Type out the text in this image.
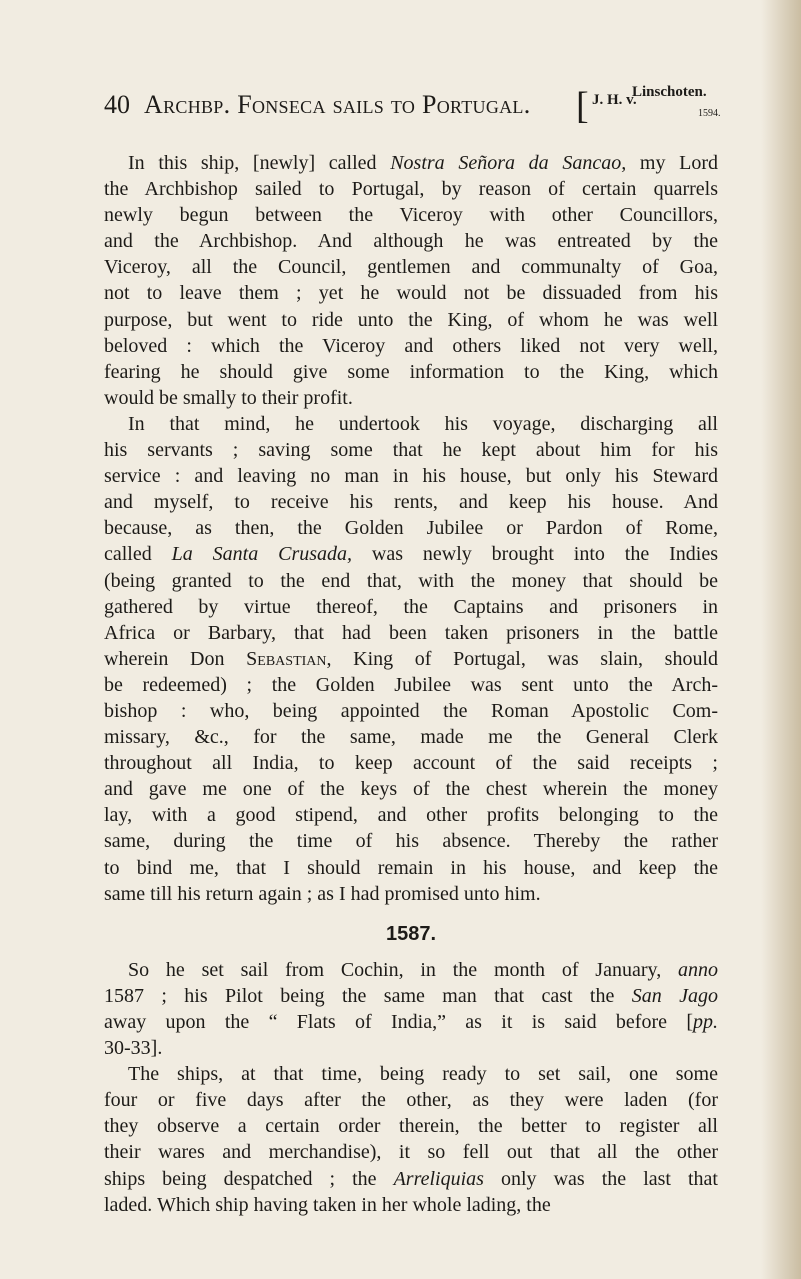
40 Archbp. Fonseca sails to Portugal. [ J. H. v.
Linschoten.
1594.

In this ship, [newly] called Nostra Señora da Sancao, my Lord
the Archbishop sailed to Portugal, by reason of certain quarrels
newly begun between the Viceroy with other Councillors,
and the Archbishop. And although he was entreated by the
Viceroy, all the Council, gentlemen and communalty of Goa,
not to leave them ; yet he would not be dissuaded from his
purpose, but went to ride unto the King, of whom he was well
beloved : which the Viceroy and others liked not very well,
fearing he should give some information to the King, which
would be smally to their profit.

In that mind, he undertook his voyage, discharging all
his servants ; saving some that he kept about him for his
service : and leaving no man in his house, but only his Steward
and myself, to receive his rents, and keep his house. And
because, as then, the Golden Jubilee or Pardon of Rome,
called La Santa Crusada, was newly brought into the Indies
(being granted to the end that, with the money that should be
gathered by virtue thereof, the Captains and prisoners in
Africa or Barbary, that had been taken prisoners in the battle
wherein Don Sebastian, King of Portugal, was slain, should
be redeemed) ; the Golden Jubilee was sent unto the Arch-
bishop : who, being appointed the Roman Apostolic Com-
missary, &c., for the same, made me the General Clerk
throughout all India, to keep account of the said receipts ;
and gave me one of the keys of the chest wherein the money
lay, with a good stipend, and other profits belonging to the
same, during the time of his absence. Thereby the rather
to bind me, that I should remain in his house, and keep the
same till his return again ; as I had promised unto him.

1587.

So he set sail from Cochin, in the month of January, anno
1587 ; his Pilot being the same man that cast the San Jago
away upon the “ Flats of India,” as it is said before [pp.
30-33].

The ships, at that time, being ready to set sail, one some
four or five days after the other, as they were laden (for
they observe a certain order therein, the better to register all
their wares and merchandise), it so fell out that all the other
ships being despatched ; the Arreliquias only was the last that
laded. Which ship having taken in her whole lading, the
